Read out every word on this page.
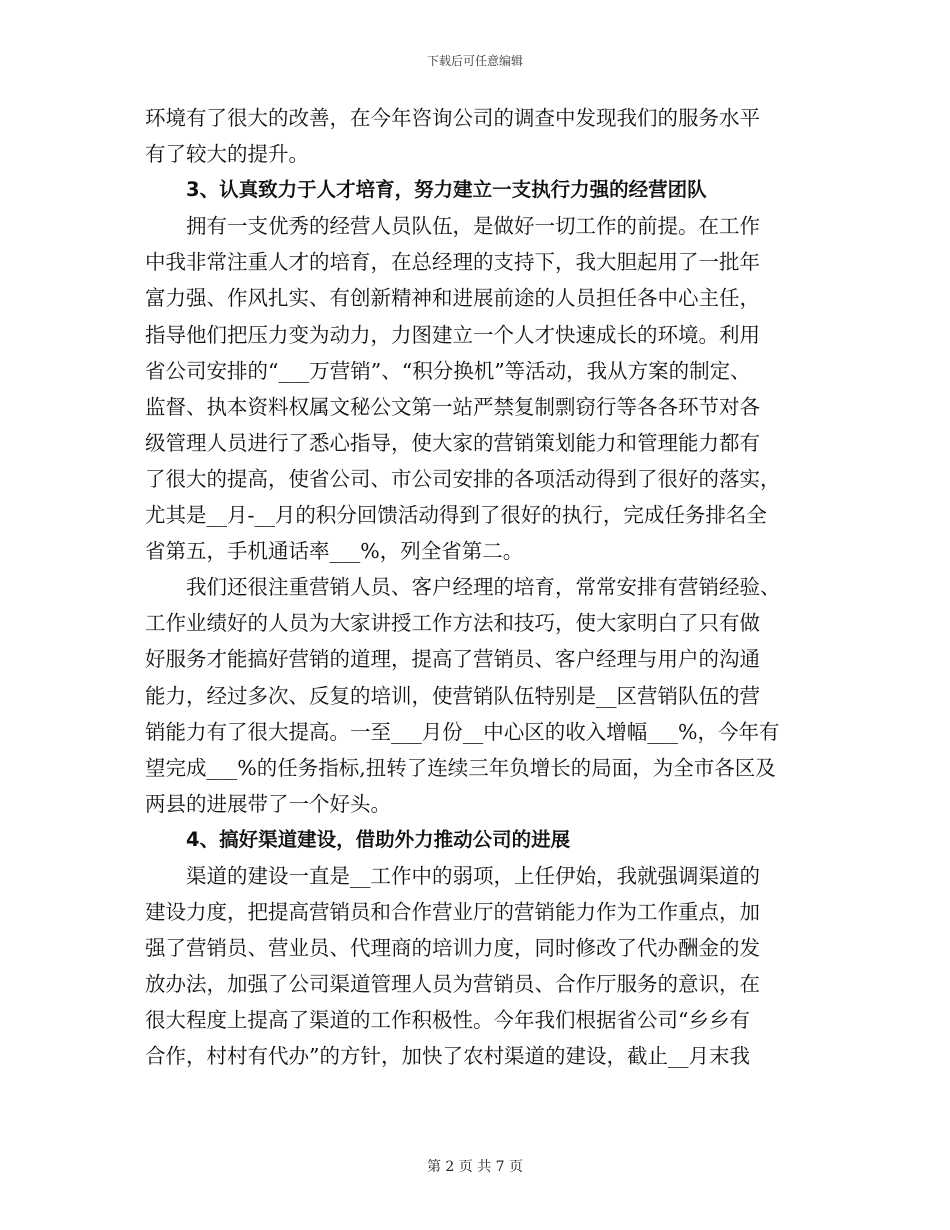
下载后可任意编辑
环境有了很大的改善，在今年咨询公司的调查中发现我们的服务水平
有了较大的提升。
3、认真致力于人才培育，努力建立一支执行力强的经营团队
拥有一支优秀的经营人员队伍，是做好一切工作的前提。在工作
中我非常注重人才的培育，在总经理的支持下，我大胆起用了一批年
富力强、作风扎实、有创新精神和进展前途的人员担任各中心主任，
指导他们把压力变为动力，力图建立一个人才快速成长的环境。利用
省公司安排的“___万营销”、“积分换机”等活动，我从方案的制定、
监督、执本资料权属文秘公文第一站严禁复制剽窃行等各各环节对各
级管理人员进行了悉心指导，使大家的营销策划能力和管理能力都有
了很大的提高，使省公司、市公司安排的各项活动得到了很好的落实，
尤其是__月-__月的积分回馈活动得到了很好的执行，完成任务排名全
省第五，手机通话率___%，列全省第二。
我们还很注重营销人员、客户经理的培育，常常安排有营销经验、
工作业绩好的人员为大家讲授工作方法和技巧，使大家明白了只有做
好服务才能搞好营销的道理，提高了营销员、客户经理与用户的沟通
能力，经过多次、反复的培训，使营销队伍特别是__区营销队伍的营
销能力有了很大提高。一至___月份__中心区的收入增幅___%，今年有
望完成___%的任务指标,扭转了连续三年负增长的局面，为全市各区及
两县的进展带了一个好头。
4、搞好渠道建设，借助外力推动公司的进展
渠道的建设一直是__工作中的弱项，上任伊始，我就强调渠道的
建设力度，把提高营销员和合作营业厅的营销能力作为工作重点，加
强了营销员、营业员、代理商的培训力度，同时修改了代办酬金的发
放办法，加强了公司渠道管理人员为营销员、合作厅服务的意识，在
很大程度上提高了渠道的工作积极性。今年我们根据省公司“乡乡有
合作，村村有代办”的方针，加快了农村渠道的建设，截止__月末我
第 2 页 共 7 页
